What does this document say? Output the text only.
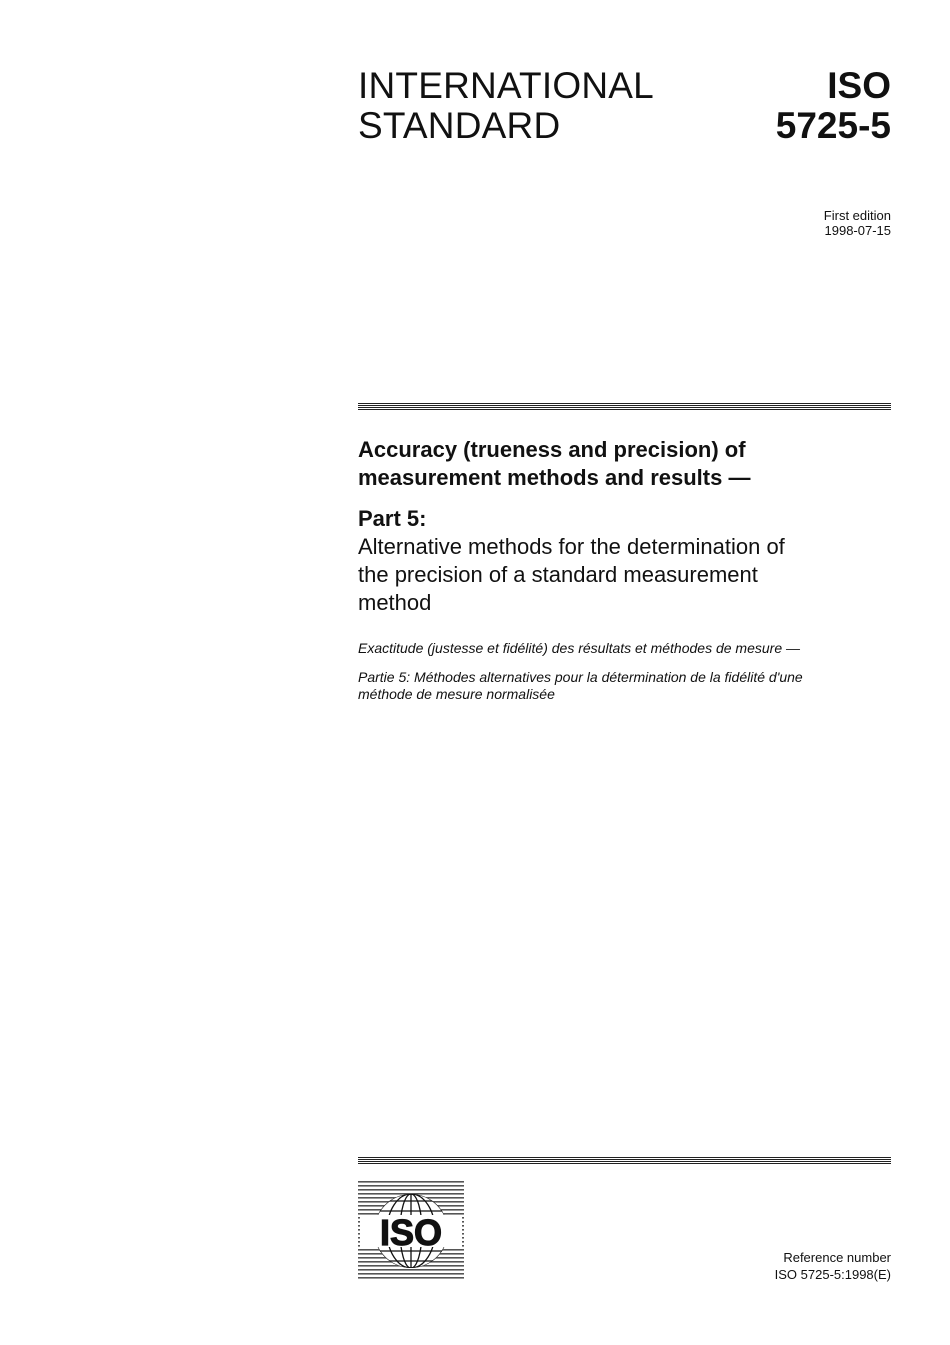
INTERNATIONAL
STANDARD
ISO
5725-5
First edition
1998-07-15
Accuracy (trueness and precision) of
measurement methods and results —
Part 5:
Alternative methods for the determination of
the precision of a standard measurement
method
Exactitude (justesse et fidélité) des résultats et méthodes de mesure —
Partie 5: Méthodes alternatives pour la détermination de la fidélité d'une
méthode de mesure normalisée
ISO
Reference number
ISO 5725-5:1998(E)
